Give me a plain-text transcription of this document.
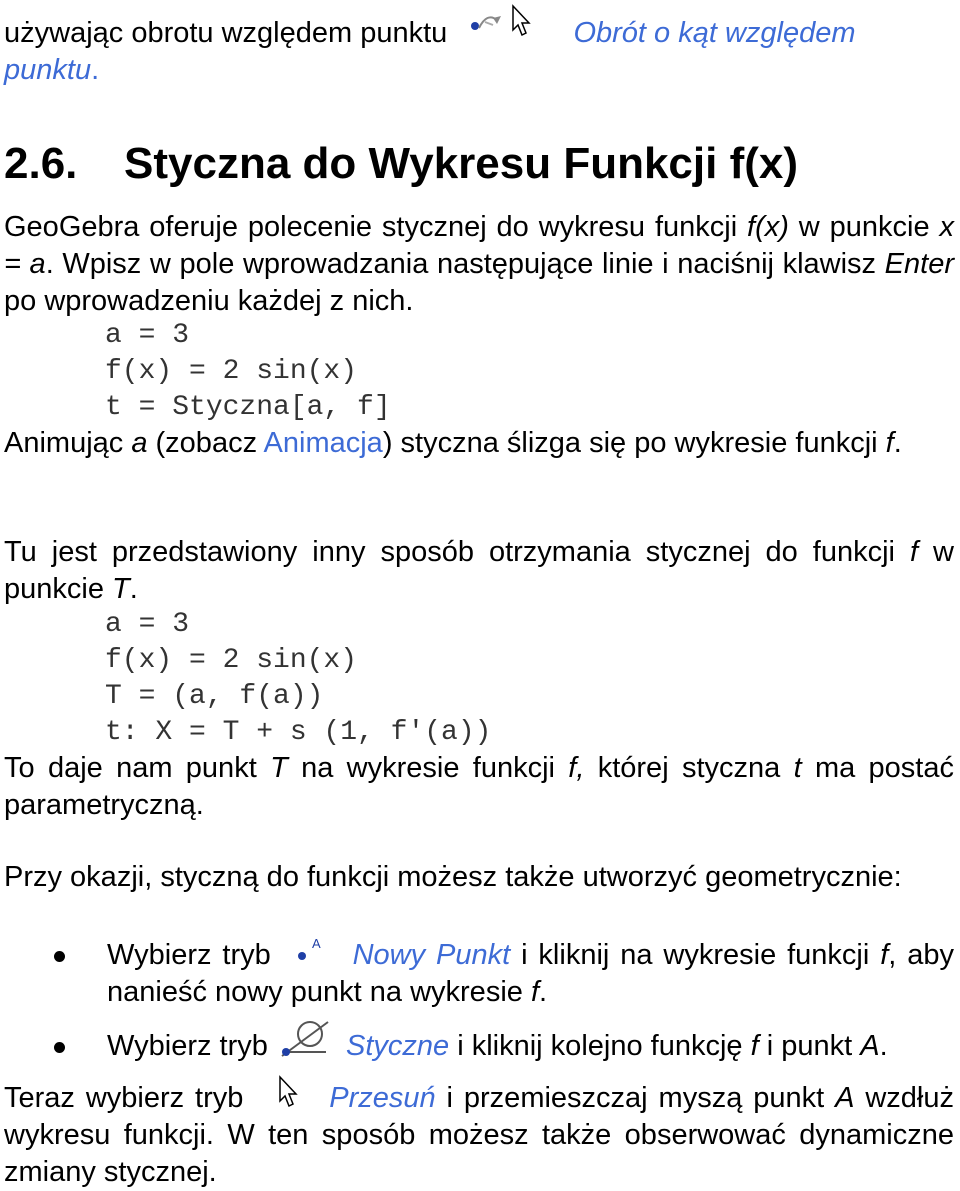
używając obrotu względem punktu	Obrót o kąt względem

punktu.

2.6.	Styczna do Wykresu Funkcji f(x)

GeoGebra oferuje polecenie stycznej do wykresu funkcji f(x) w punkcie x = a. Wpisz w pole wprowadzania następujące linie i naciśnij klawisz Enter po wprowadzeniu każdej z nich.

a = 3
f(x) = 2 sin(x)
t = Styczna[a, f]

Animując a (zobacz Animacja) styczna ślizga się po wykresie funkcji f.

Tu jest przedstawiony inny sposób otrzymania stycznej do funkcji f w punkcie T.

a = 3
f(x) = 2 sin(x)
T = (a, f(a))
t: X = T + s (1, f'(a))

To daje nam punkt T na wykresie funkcji f, której styczna t ma postać parametryczną.

Przy okazji, styczną do funkcji możesz także utworzyć geometrycznie:

Wybierz tryb	A Nowy Punkt i kliknij na wykresie funkcji f, aby nanieść nowy punkt na wykresie f.
Wybierz tryb	Styczne i kliknij kolejno funkcję f i punkt A.

Teraz wybierz tryb	Przesuń i przemieszczaj myszą punkt A wzdłuż wykresu funkcji. W ten sposób możesz także obserwować dynamiczne zmiany stycznej.
